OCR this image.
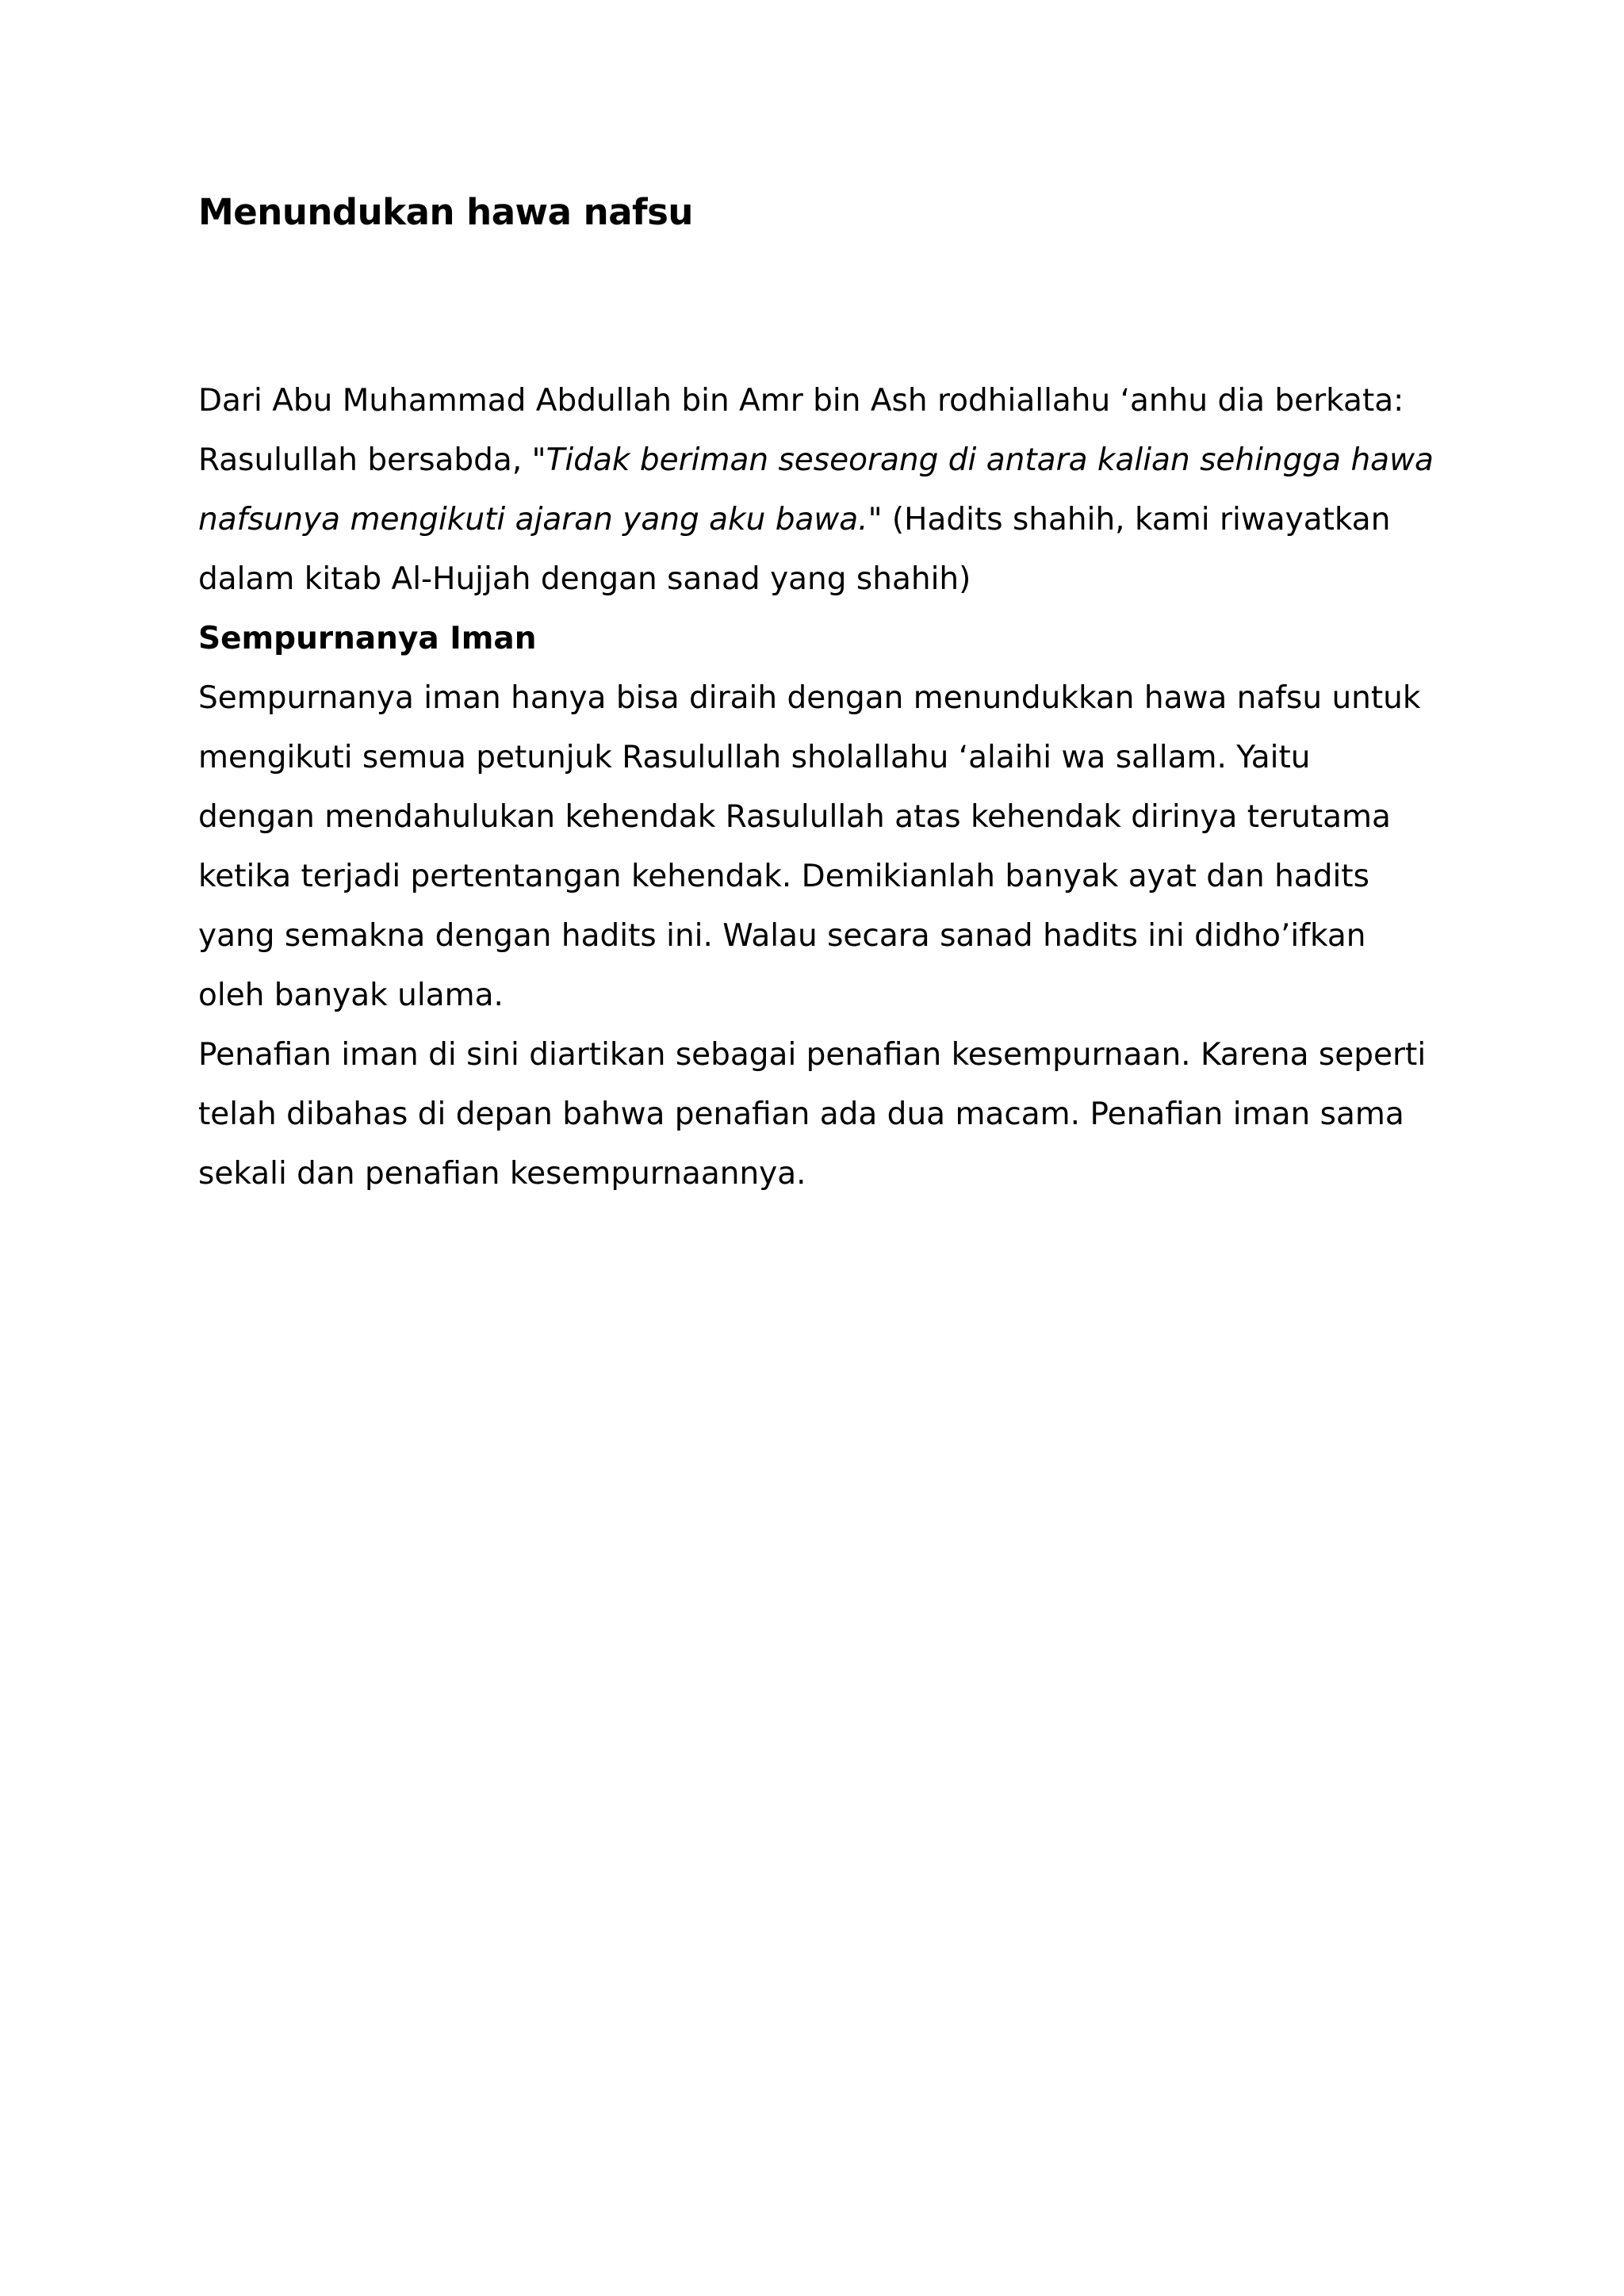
Menundukan hawa nafsu

Dari Abu Muhammad Abdullah bin Amr bin Ash rodhiallahu ‘anhu dia berkata: Rasulullah bersabda, "Tidak beriman seseorang di antara kalian sehingga hawa nafsunya mengikuti ajaran yang aku bawa." (Hadits shahih, kami riwayatkan dalam kitab Al-Hujjah dengan sanad yang shahih)

Sempurnanya Iman

Sempurnanya iman hanya bisa diraih dengan menundukkan hawa nafsu untuk mengikuti semua petunjuk Rasulullah sholallahu ‘alaihi wa sallam. Yaitu dengan mendahulukan kehendak Rasulullah atas kehendak dirinya terutama ketika terjadi pertentangan kehendak. Demikianlah banyak ayat dan hadits yang semakna dengan hadits ini. Walau secara sanad hadits ini didho’ifkan oleh banyak ulama.

Penafian iman di sini diartikan sebagai penafian kesempurnaan. Karena seperti telah dibahas di depan bahwa penafian ada dua macam. Penafian iman sama sekali dan penafian kesempurnaannya.
